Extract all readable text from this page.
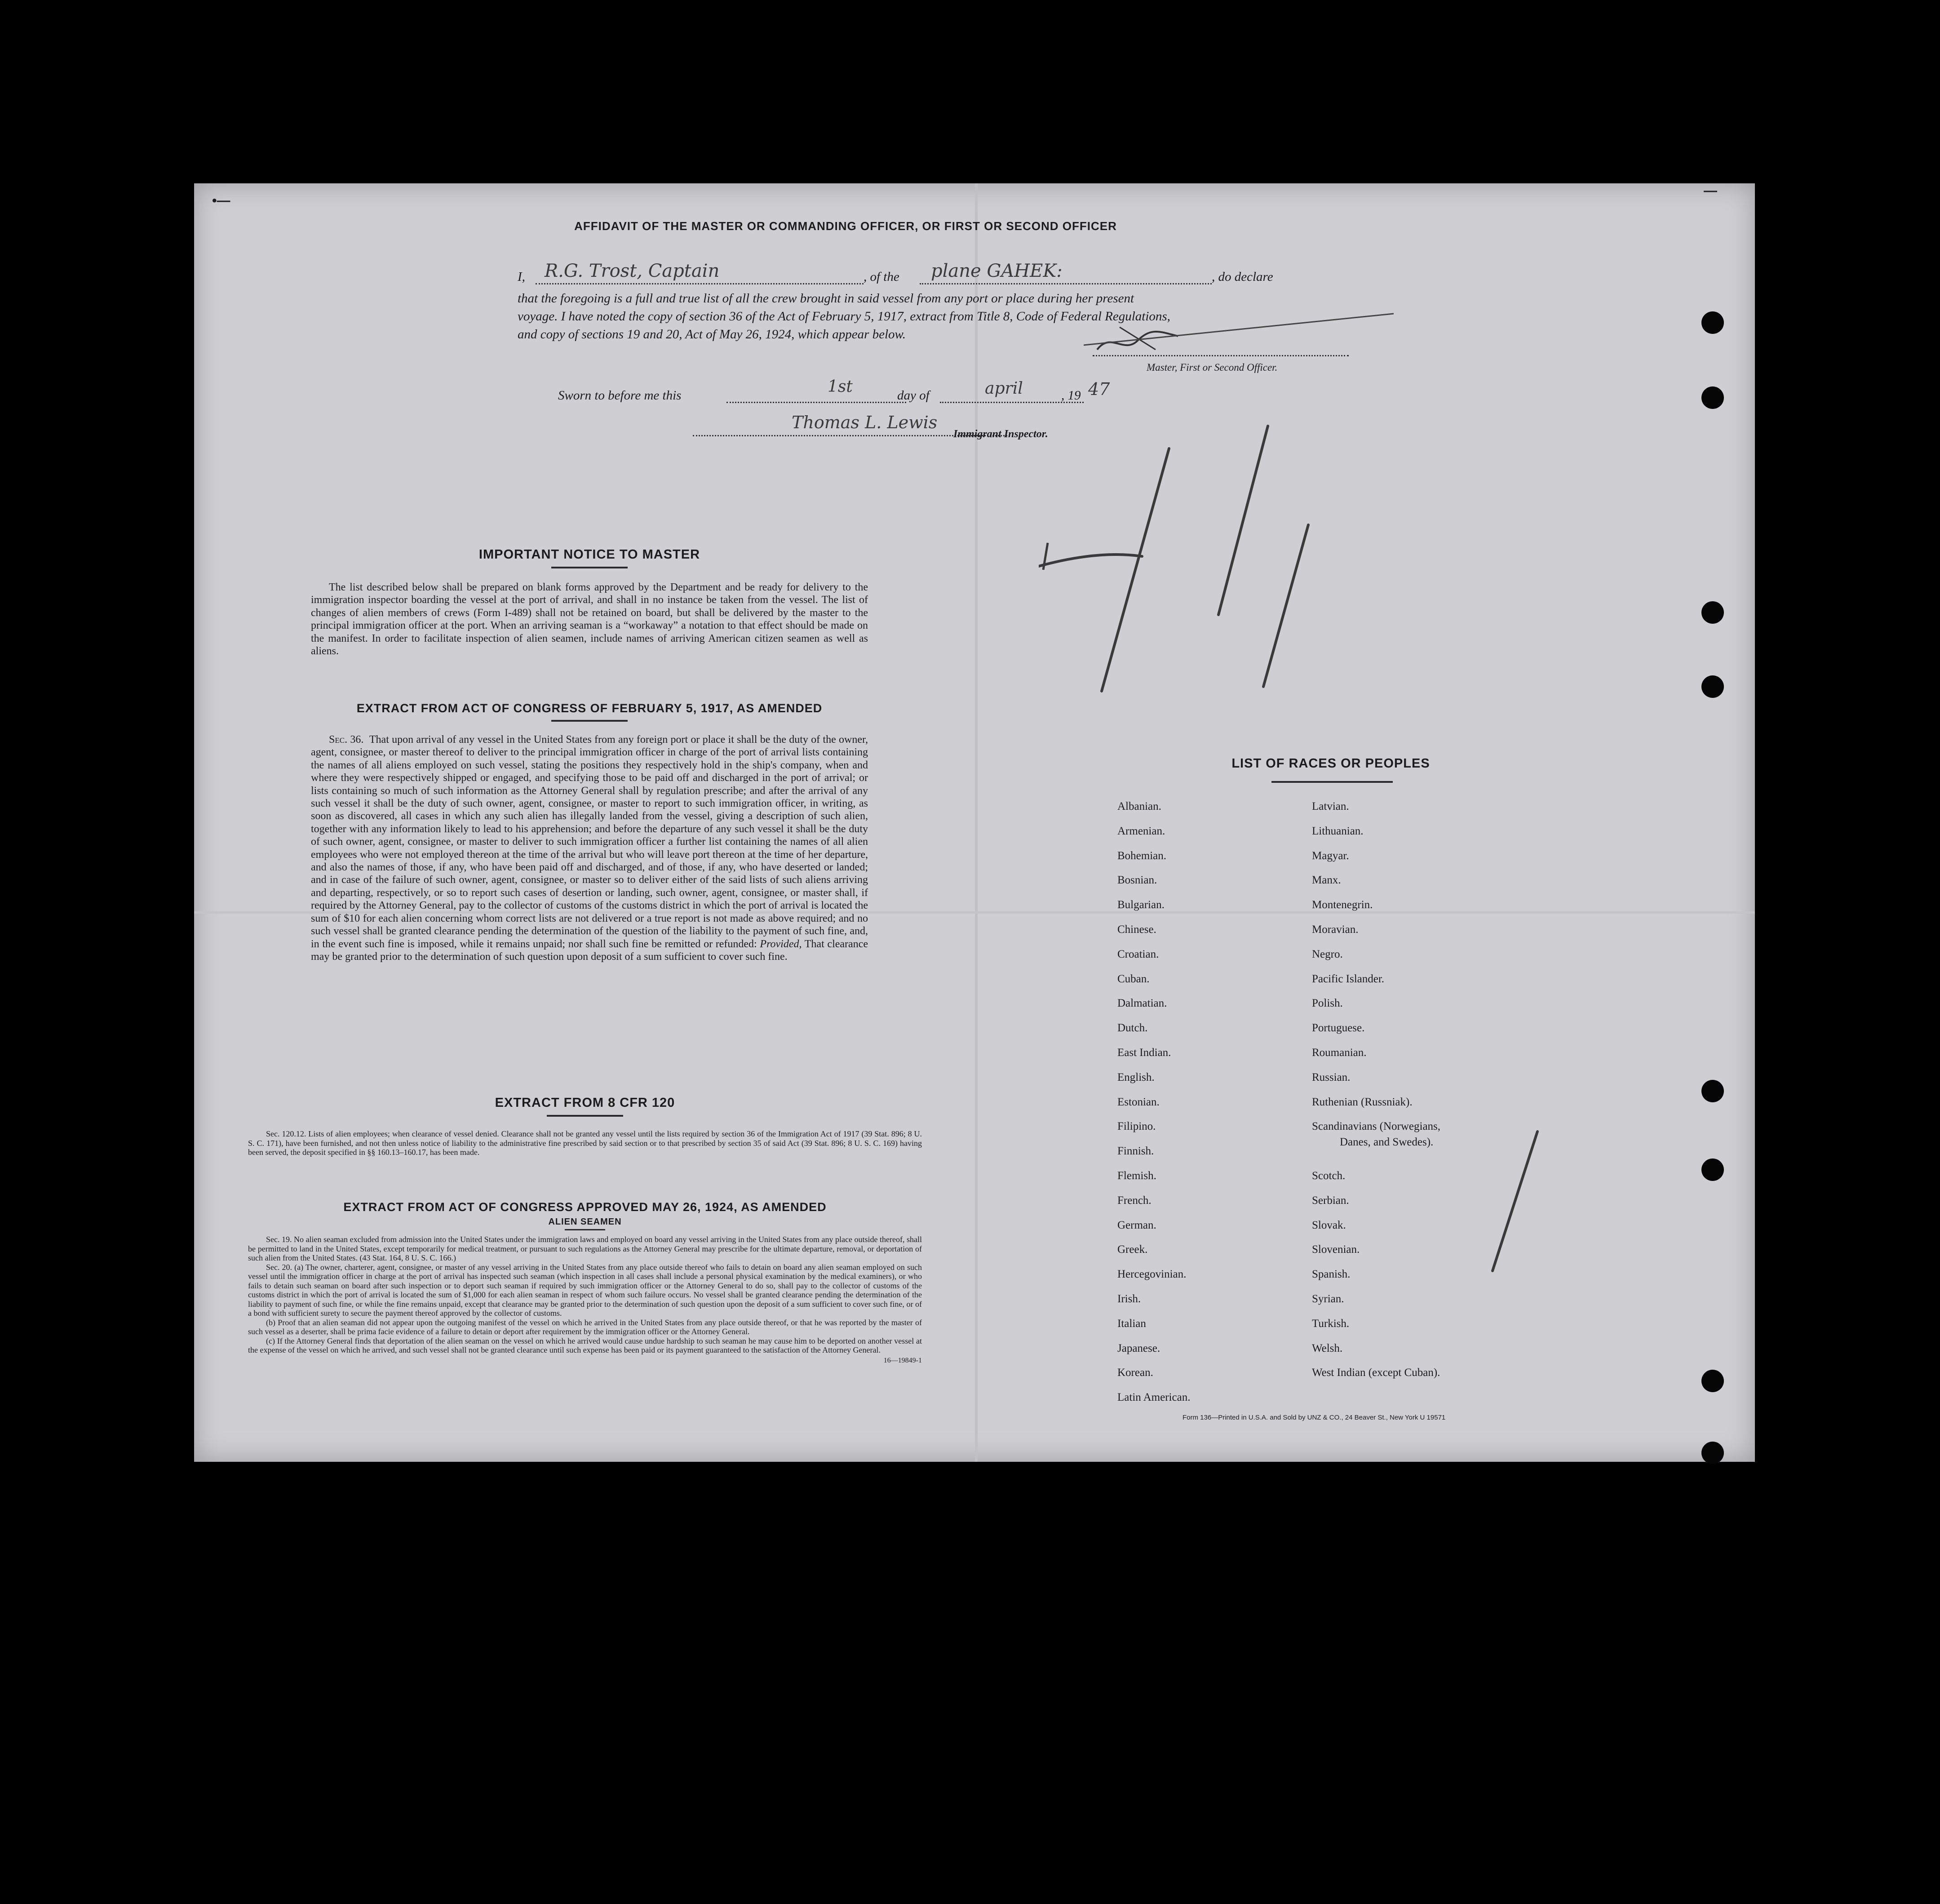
•—
—
AFFIDAVIT OF THE MASTER OR COMMANDING OFFICER, OR FIRST OR SECOND OFFICER
I, R.G. Trost, Captain	, of the plane GAHEK:	, do declare
that the foregoing is a full and true list of all the crew brought in said vessel from any port or place during her present
voyage. I have noted the copy of section 36 of the Act of February 5, 1917, extract from Title 8, Code of Federal Regulations,
and copy of sections 19 and 20, Act of May 26, 1924, which appear below.
Master, First or Second Officer.
Sworn to before me this	1st	day of	april	, 19 47
Thomas L. Lewis
Immigrant Inspector.
IMPORTANT NOTICE TO MASTER

The list described below shall be prepared on blank forms approved by the Department and be ready for delivery to the immigration inspector boarding the vessel at the port of arrival, and shall in no instance be taken from the vessel. The list of changes of alien members of crews (Form I-489) shall not be retained on board, but shall be delivered by the master to the principal immigration officer at the port. When an arriving seaman is a “workaway” a notation to that effect should be made on the manifest. In order to facilitate inspection of alien seamen, include names of arriving American citizen seamen as well as aliens.

EXTRACT FROM ACT OF CONGRESS OF FEBRUARY 5, 1917, AS AMENDED

Sec. 36. That upon arrival of any vessel in the United States from any foreign port or place it shall be the duty of the owner, agent, consignee, or master thereof to deliver to the principal immigration officer in charge of the port of arrival lists containing the names of all aliens employed on such vessel, stating the positions they respectively hold in the ship's company, when and where they were respectively shipped or engaged, and specifying those to be paid off and discharged in the port of arrival; or lists containing so much of such information as the Attorney General shall by regulation prescribe; and after the arrival of any such vessel it shall be the duty of such owner, agent, consignee, or master to report to such immigration officer, in writing, as soon as discovered, all cases in which any such alien has illegally landed from the vessel, giving a description of such alien, together with any information likely to lead to his apprehension; and before the departure of any such vessel it shall be the duty of such owner, agent, consignee, or master to deliver to such immigration officer a further list containing the names of all alien employees who were not employed thereon at the time of the arrival but who will leave port thereon at the time of her departure, and also the names of those, if any, who have been paid off and discharged, and of those, if any, who have deserted or landed; and in case of the failure of such owner, agent, consignee, or master so to deliver either of the said lists of such aliens arriving and departing, respectively, or so to report such cases of desertion or landing, such owner, agent, consignee, or master shall, if required by the Attorney General, pay to the collector of customs of the customs district in which the port of arrival is located the sum of $10 for each alien concerning whom correct lists are not delivered or a true report is not made as above required; and no such vessel shall be granted clearance pending the determination of the question of the liability to the payment of such fine, and, in the event such fine is imposed, while it remains unpaid; nor shall such fine be remitted or refunded: Provided, That clearance may be granted prior to the determination of such question upon deposit of a sum sufficient to cover such fine.

EXTRACT FROM 8 CFR 120

Sec. 120.12. Lists of alien employees; when clearance of vessel denied. Clearance shall not be granted any vessel until the lists required by section 36 of the Immigration Act of 1917 (39 Stat. 896; 8 U. S. C. 171), have been furnished, and not then unless notice of liability to the administrative fine prescribed by said section or to that prescribed by section 35 of said Act (39 Stat. 896; 8 U. S. C. 169) having been served, the deposit specified in §§ 160.13–160.17, has been made.

EXTRACT FROM ACT OF CONGRESS APPROVED MAY 26, 1924, AS AMENDED
ALIEN SEAMEN

Sec. 19. No alien seaman excluded from admission into the United States under the immigration laws and employed on board any vessel arriving in the United States from any place outside thereof, shall be permitted to land in the United States, except temporarily for medical treatment, or pursuant to such regulations as the Attorney General may prescribe for the ultimate departure, removal, or deportation of such alien from the United States. (43 Stat. 164, 8 U. S. C. 166.)

Sec. 20. (a) The owner, charterer, agent, consignee, or master of any vessel arriving in the United States from any place outside thereof who fails to detain on board any alien seaman employed on such vessel until the immigration officer in charge at the port of arrival has inspected such seaman (which inspection in all cases shall include a personal physical examination by the medical examiners), or who fails to detain such seaman on board after such inspection or to deport such seaman if required by such immigration officer or the Attorney General to do so, shall pay to the collector of customs of the customs district in which the port of arrival is located the sum of $1,000 for each alien seaman in respect of whom such failure occurs. No vessel shall be granted clearance pending the determination of the liability to payment of such fine, or while the fine remains unpaid, except that clearance may be granted prior to the determination of such question upon the deposit of a sum sufficient to cover such fine, or of a bond with sufficient surety to secure the payment thereof approved by the collector of customs.

(b) Proof that an alien seaman did not appear upon the outgoing manifest of the vessel on which he arrived in the United States from any place outside thereof, or that he was reported by the master of such vessel as a deserter, shall be prima facie evidence of a failure to detain or deport after requirement by the immigration officer or the Attorney General.

(c) If the Attorney General finds that deportation of the alien seaman on the vessel on which he arrived would cause undue hardship to such seaman he may cause him to be deported on another vessel at the expense of the vessel on which he arrived, and such vessel shall not be granted clearance until such expense has been paid or its payment guaranteed to the satisfaction of the Attorney General.

16—19849-1
LIST OF RACES OR PEOPLES
Danes, and Swedes).
Form 136—Printed in U.S.A. and Sold by UNZ & CO., 24 Beaver St., New York U 19571
Albanian.
Armenian.
Bohemian.
Bosnian.
Bulgarian.
Chinese.
Croatian.
Cuban.
Dalmatian.
Dutch.
East Indian.
English.
Estonian.
Filipino.
Finnish.
Flemish.
French.
German.
Greek.
Hercegovinian.
Irish.
Italian
Japanese.
Korean.
Latin American.
Latvian.
Lithuanian.
Magyar.
Manx.
Montenegrin.
Moravian.
Negro.
Pacific Islander.
Polish.
Portuguese.
Roumanian.
Russian.
Ruthenian (Russniak).
Scandinavians (Norwegians,
Scotch.
Serbian.
Slovak.
Slovenian.
Spanish.
Syrian.
Turkish.
Welsh.
West Indian (except Cuban).
